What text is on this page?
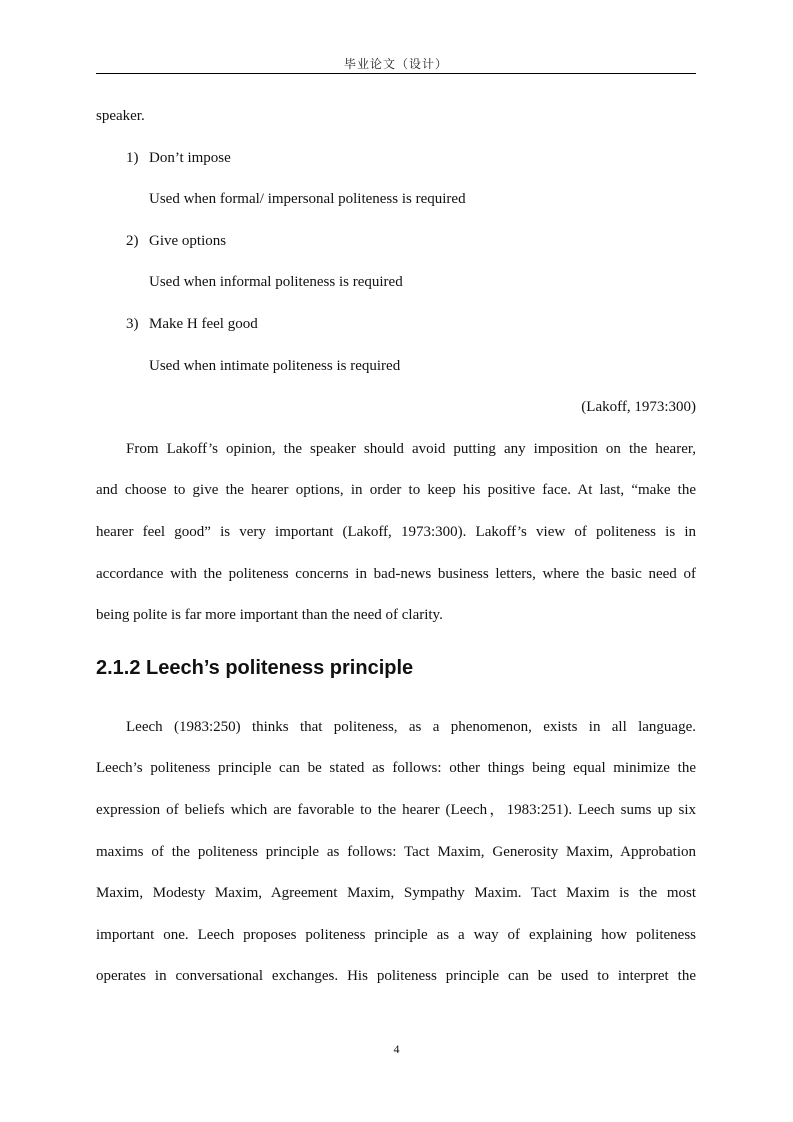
毕业论文（设计）
speaker.
1) Don’t impose
Used when formal/ impersonal politeness is required
2) Give options
Used when informal politeness is required
3) Make H feel good
Used when intimate politeness is required
(Lakoff, 1973:300)
From Lakoff’s opinion, the speaker should avoid putting any imposition on the hearer,
and choose to give the hearer options, in order to keep his positive face. At last, “make the
hearer feel good” is very important (Lakoff, 1973:300). Lakoff’s view of politeness is in
accordance with the politeness concerns in bad-news business letters, where the basic need of
being polite is far more important than the need of clarity.
2.1.2 Leech’s politeness principle
Leech (1983:250) thinks that politeness, as a phenomenon, exists in all language.
Leech’s politeness principle can be stated as follows: other things being equal minimize the
expression of beliefs which are favorable to the hearer (Leech，1983:251). Leech sums up six
maxims of the politeness principle as follows: Tact Maxim, Generosity Maxim, Approbation
Maxim, Modesty Maxim, Agreement Maxim, Sympathy Maxim. Tact Maxim is the most
important one. Leech proposes politeness principle as a way of explaining how politeness
operates in conversational exchanges. His politeness principle can be used to interpret the
4
